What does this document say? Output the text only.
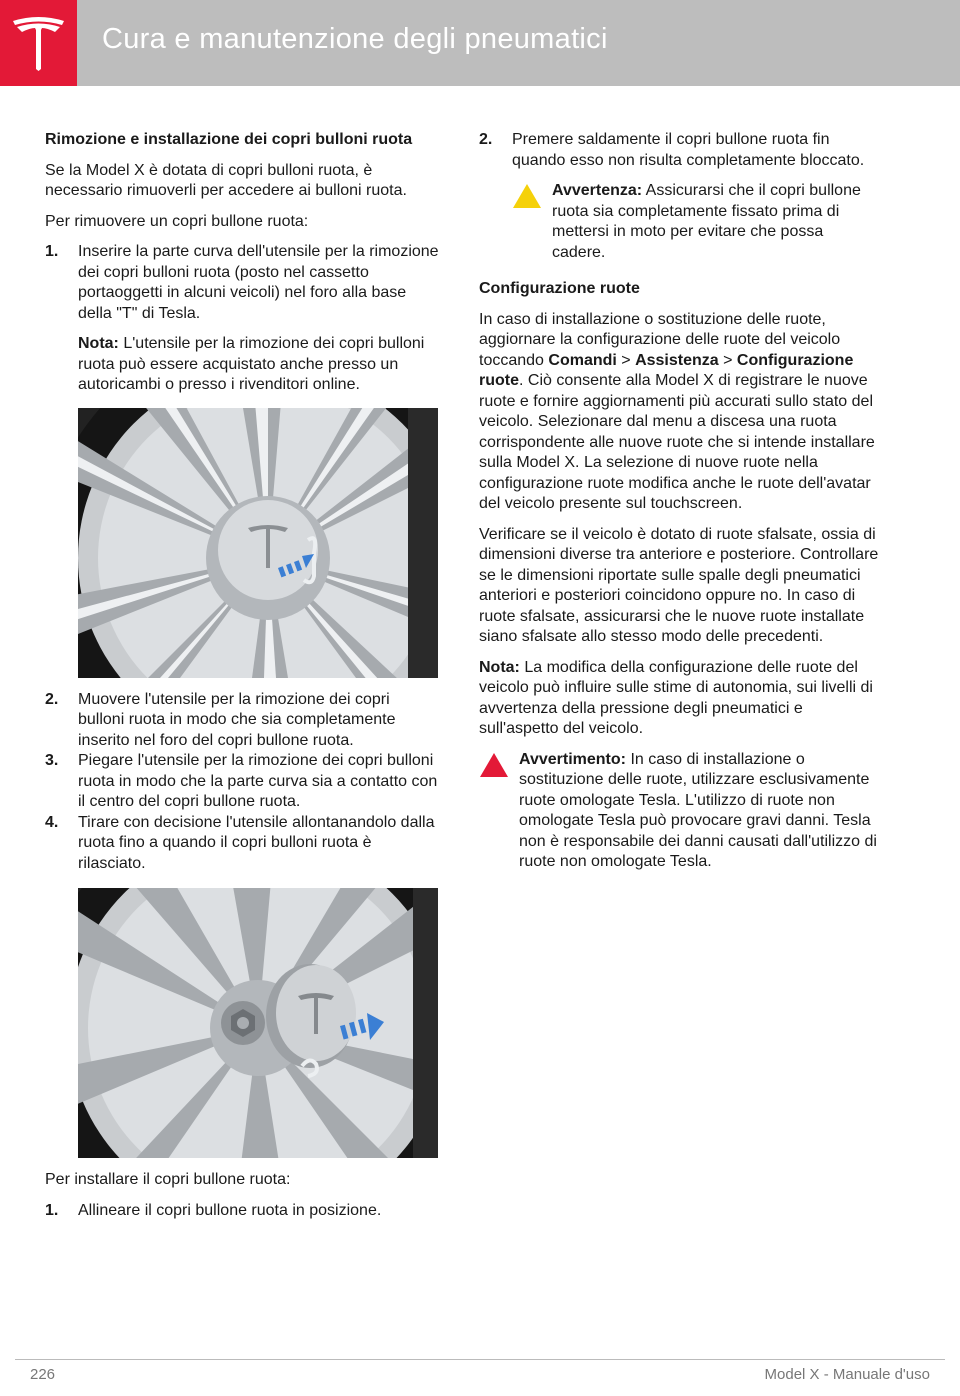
Cura e manutenzione degli pneumatici
Rimozione e installazione dei copri bulloni ruota

Se la Model X è dotata di copri bulloni ruota, è necessario rimuoverli per accedere ai bulloni ruota.

Per rimuovere un copri bullone ruota:

1.	Inserire la parte curva dell'utensile per la rimozione dei copri bulloni ruota (posto nel cassetto portaoggetti in alcuni veicoli) nel foro alla base della "T" di Tesla.
Nota: L'utensile per la rimozione dei copri bulloni ruota può essere acquistato anche presso un autoricambi o presso i rivenditori online.
2.	Muovere l'utensile per la rimozione dei copri bulloni ruota in modo che sia completamente inserito nel foro del copri bullone ruota.
3.	Piegare l'utensile per la rimozione dei copri bulloni ruota in modo che la parte curva sia a contatto con il centro del copri bullone ruota.
4.	Tirare con decisione l'utensile allontanandolo dalla ruota fino a quando il copri bulloni ruota è rilasciato.

Per installare il copri bullone ruota:

1.	Allineare il copri bullone ruota in posizione.
2.	Premere saldamente il copri bullone ruota fin quando esso non risulta completamente bloccato.
Avvertenza: Assicurarsi che il copri bullone ruota sia completamente fissato prima di mettersi in moto per evitare che possa cadere.
Configurazione ruote

In caso di installazione o sostituzione delle ruote, aggiornare la configurazione delle ruote del veicolo toccando Comandi > Assistenza > Configurazione ruote. Ciò consente alla Model X di registrare le nuove ruote e fornire aggiornamenti più accurati sullo stato del veicolo. Selezionare dal menu a discesa una ruota corrispondente alle nuove ruote che si intende installare sulla Model X. La selezione di nuove ruote nella configurazione ruote modifica anche le ruote dell'avatar del veicolo presente sul touchscreen.

Verificare se il veicolo è dotato di ruote sfalsate, ossia di dimensioni diverse tra anteriore e posteriore. Controllare se le dimensioni riportate sulle spalle degli pneumatici anteriori e posteriori coincidono oppure no. In caso di ruote sfalsate, assicurarsi che le nuove ruote installate siano sfalsate allo stesso modo delle precedenti.

Nota: La modifica della configurazione delle ruote del veicolo può influire sulle stime di autonomia, sui livelli di avvertenza della pressione degli pneumatici e sull'aspetto del veicolo.

Avvertimento: In caso di installazione o sostituzione delle ruote, utilizzare esclusivamente ruote omologate Tesla. L'utilizzo di ruote non omologate Tesla può provocare gravi danni. Tesla non è responsabile dei danni causati dall'utilizzo di ruote non omologate Tesla.
226	Model X - Manuale d'uso
